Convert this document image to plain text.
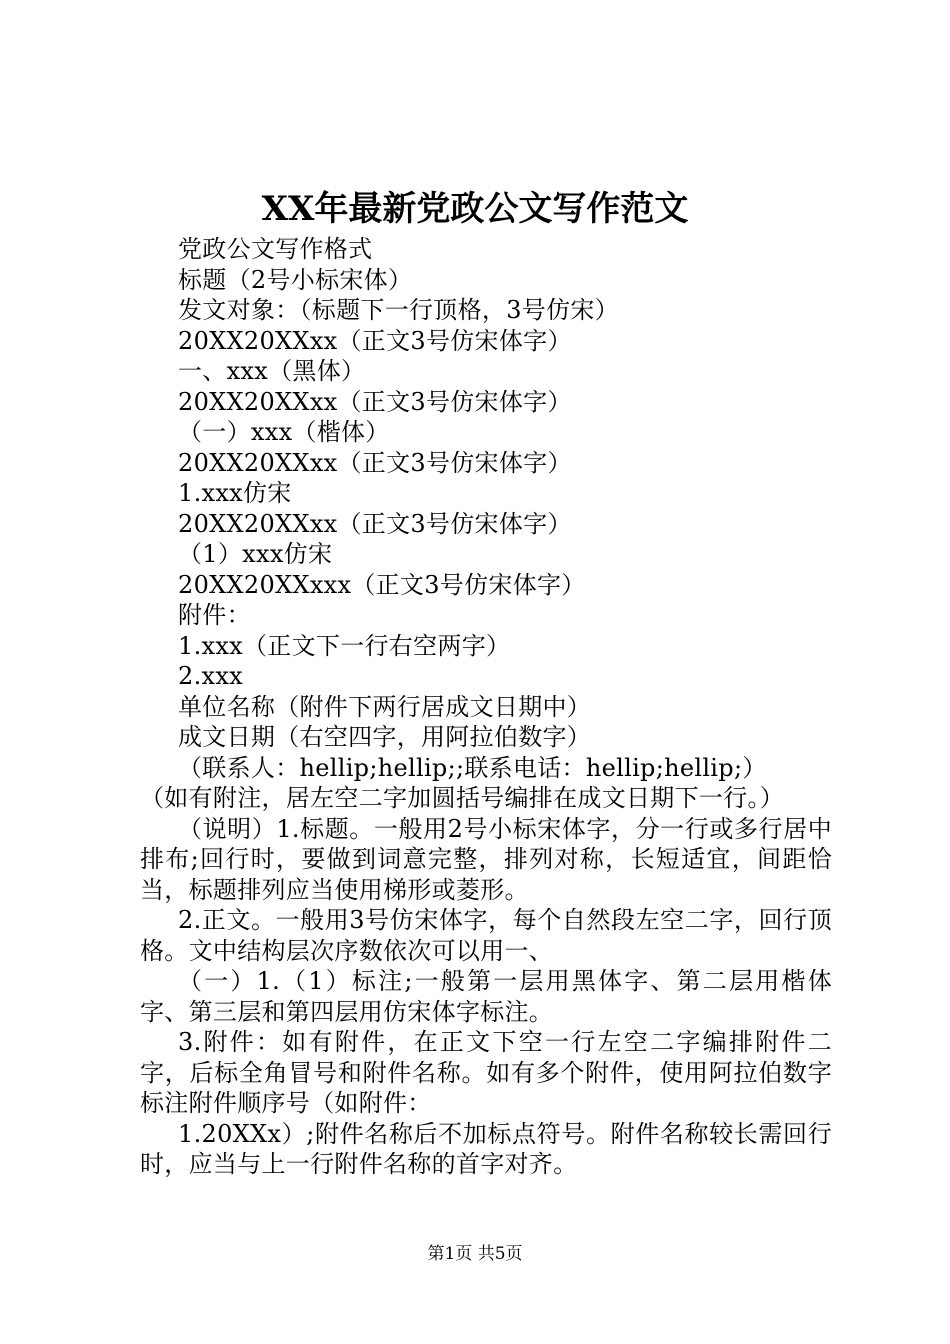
XX年最新党政公文写作范文
党政公文写作格式
标题（2号小标宋体）
发文对象：（标题下一行顶格，3号仿宋）
20XX20XXxx（正文3号仿宋体字）
一、xxx（黑体）
20XX20XXxx（正文3号仿宋体字）
（一）xxx（楷体）
20XX20XXxx（正文3号仿宋体字）
1.xxx仿宋
20XX20XXxx（正文3号仿宋体字）
（1）xxx仿宋
20XX20XXxxx（正文3号仿宋体字）
附件：
1.xxx（正文下一行右空两字）
2.xxx
单位名称（附件下两行居成文日期中）
成文日期（右空四字，用阿拉伯数字）
（联系人：hellip;hellip;;联系电话：hellip;hellip;）
（如有附注，居左空二字加圆括号编排在成文日期下一行。）
（说明）1.标题。一般用2号小标宋体字，分一行或多行居中排布;回行时，要做到词意完整，排列对称，长短适宜，间距恰当，标题排列应当使用梯形或菱形。
2.正文。一般用3号仿宋体字，每个自然段左空二字，回行顶格。文中结构层次序数依次可以用一、
（一）1.（1）标注;一般第一层用黑体字、第二层用楷体字、第三层和第四层用仿宋体字标注。
3.附件：如有附件，在正文下空一行左空二字编排附件二字，后标全角冒号和附件名称。如有多个附件，使用阿拉伯数字标注附件顺序号（如附件：
1.20XXx）;附件名称后不加标点符号。附件名称较长需回行时，应当与上一行附件名称的首字对齐。
第1页 共5页
